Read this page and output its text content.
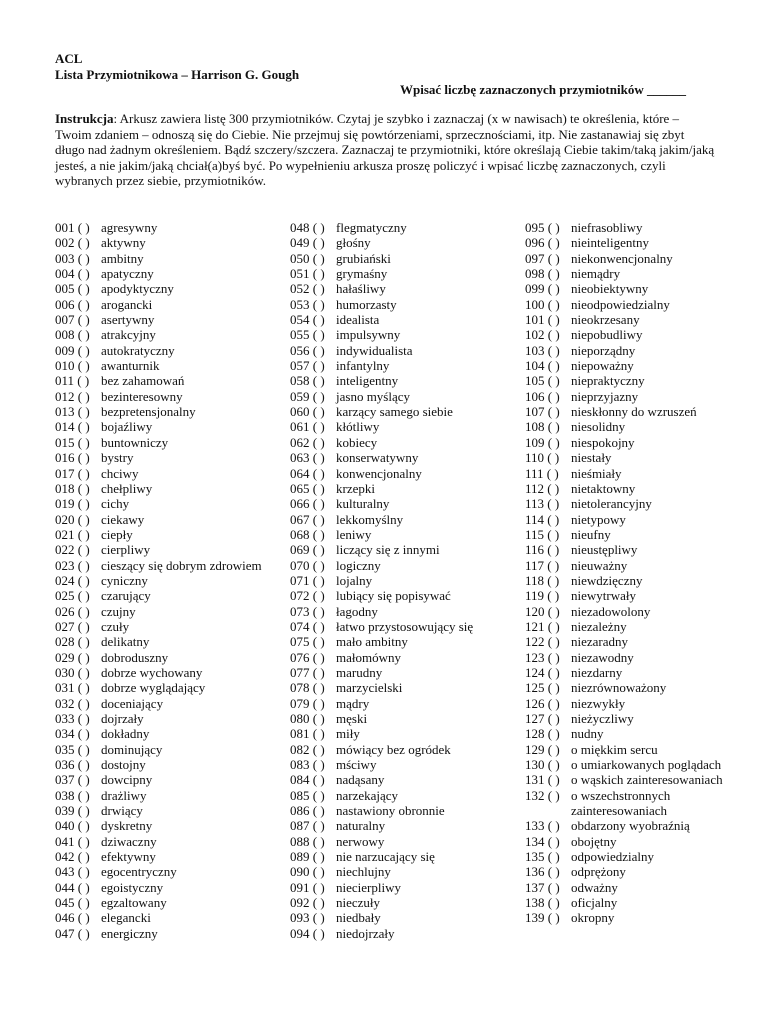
ACL
Lista Przymiotnikowa – Harrison G. Gough
Wpisać liczbę zaznaczonych przymiotników ______
Instrukcja: Arkusz zawiera listę 300 przymiotników. Czytaj je szybko i zaznaczaj (x w nawisach) te określenia, które – Twoim zdaniem – odnoszą się do Ciebie. Nie przejmuj się powtórzeniami, sprzecznościami, itp. Nie zastanawiaj się zbyt długo nad żadnym określeniem. Bądź szczery/szczera. Zaznaczaj te przymiotniki, które określają Ciebie takim/taką jakim/jaką jesteś, a nie jakim/jaką chciał(a)byś być. Po wypełnieniu arkusza proszę policzyć i wpisać liczbę zaznaczonych, czyli wybranych przez siebie, przymiotników.
001 ( ) agresywny
002 ( ) aktywny
003 ( ) ambitny
004 ( ) apatyczny
005 ( ) apodyktyczny
006 ( ) arogancki
007 ( ) asertywny
008 ( ) atrakcyjny
009 ( ) autokratyczny
010 ( ) awanturnik
011 ( ) bez zahamowań
012 ( ) bezinteresowny
013 ( ) bezpretensjonalny
014 ( ) bojaźliwy
015 ( ) buntowniczy
016 ( ) bystry
017 ( ) chciwy
018 ( ) chełpliwy
019 ( ) cichy
020 ( ) ciekawy
021 ( ) ciepły
022 ( ) cierpliwy
023 ( ) cieszący się dobrym zdrowiem
024 ( ) cyniczny
025 ( ) czarujący
026 ( ) czujny
027 ( ) czuły
028 ( ) delikatny
029 ( ) dobroduszny
030 ( ) dobrze wychowany
031 ( ) dobrze wyglądający
032 ( ) doceniający
033 ( ) dojrzały
034 ( ) dokładny
035 ( ) dominujący
036 ( ) dostojny
037 ( ) dowcipny
038 ( ) drażliwy
039 ( ) drwiący
040 ( ) dyskretny
041 ( ) dziwaczny
042 ( ) efektywny
043 ( ) egocentryczny
044 ( ) egoistyczny
045 ( ) egzaltowany
046 ( ) elegancki
047 ( ) energiczny
048 ( ) flegmatyczny
049 ( ) głośny
050 ( ) grubiański
051 ( ) grymaśny
052 ( ) hałaśliwy
053 ( ) humorzasty
054 ( ) idealista
055 ( ) impulsywny
056 ( ) indywidualista
057 ( ) infantylny
058 ( ) inteligentny
059 ( ) jasno myślący
060 ( ) karzący samego siebie
061 ( ) kłótliwy
062 ( ) kobiecy
063 ( ) konserwatywny
064 ( ) konwencjonalny
065 ( ) krzepki
066 ( ) kulturalny
067 ( ) lekkomyślny
068 ( ) leniwy
069 ( ) liczący się z innymi
070 ( ) logiczny
071 ( ) lojalny
072 ( ) lubiący się popisywać
073 ( ) łagodny
074 ( ) łatwo przystosowujący się
075 ( ) mało ambitny
076 ( ) małomówny
077 ( ) marudny
078 ( ) marzycielski
079 ( ) mądry
080 ( ) męski
081 ( ) miły
082 ( ) mówiący bez ogródek
083 ( ) mściwy
084 ( ) nadąsany
085 ( ) narzekający
086 ( ) nastawiony obronnie
087 ( ) naturalny
088 ( ) nerwowy
089 ( ) nie narzucający się
090 ( ) niechlujny
091 ( ) niecierpliwy
092 ( ) nieczuły
093 ( ) niedbały
094 ( ) niedojrzały
095 ( ) niefrasobliwy
096 ( ) nieinteligentny
097 ( ) niekonwencjonalny
098 ( ) niemądry
099 ( ) nieobiektywny
100 ( ) nieodpowiedzialny
101 ( ) nieokrzesany
102 ( ) niepobudliwy
103 ( ) nieporządny
104 ( ) niepoważny
105 ( ) niepraktyczny
106 ( ) nieprzyjazny
107 ( ) nieskłonny do wzruszeń
108 ( ) niesolidny
109 ( ) niespokojny
110 ( ) niestały
111 ( ) nieśmiały
112 ( ) nietaktowny
113 ( ) nietolerancyjny
114 ( ) nietypowy
115 ( ) nieufny
116 ( ) nieustępliwy
117 ( ) nieuważny
118 ( ) niewdzięczny
119 ( ) niewytrwały
120 ( ) niezadowolony
121 ( ) niezależny
122 ( ) niezaradny
123 ( ) niezawodny
124 ( ) niezdarny
125 ( ) niezrównoważony
126 ( ) niezwykły
127 ( ) nieżyczliwy
128 ( ) nudny
129 ( ) o miękkim sercu
130 ( ) o umiarkowanych poglądach
131 ( ) o wąskich zainteresowaniach
132 ( ) o wszechstronnych zainteresowaniach
133 ( ) obdarzony wyobraźnią
134 ( ) obojętny
135 ( ) odpowiedzialny
136 ( ) odprężony
137 ( ) odważny
138 ( ) oficjalny
139 ( ) okropny
